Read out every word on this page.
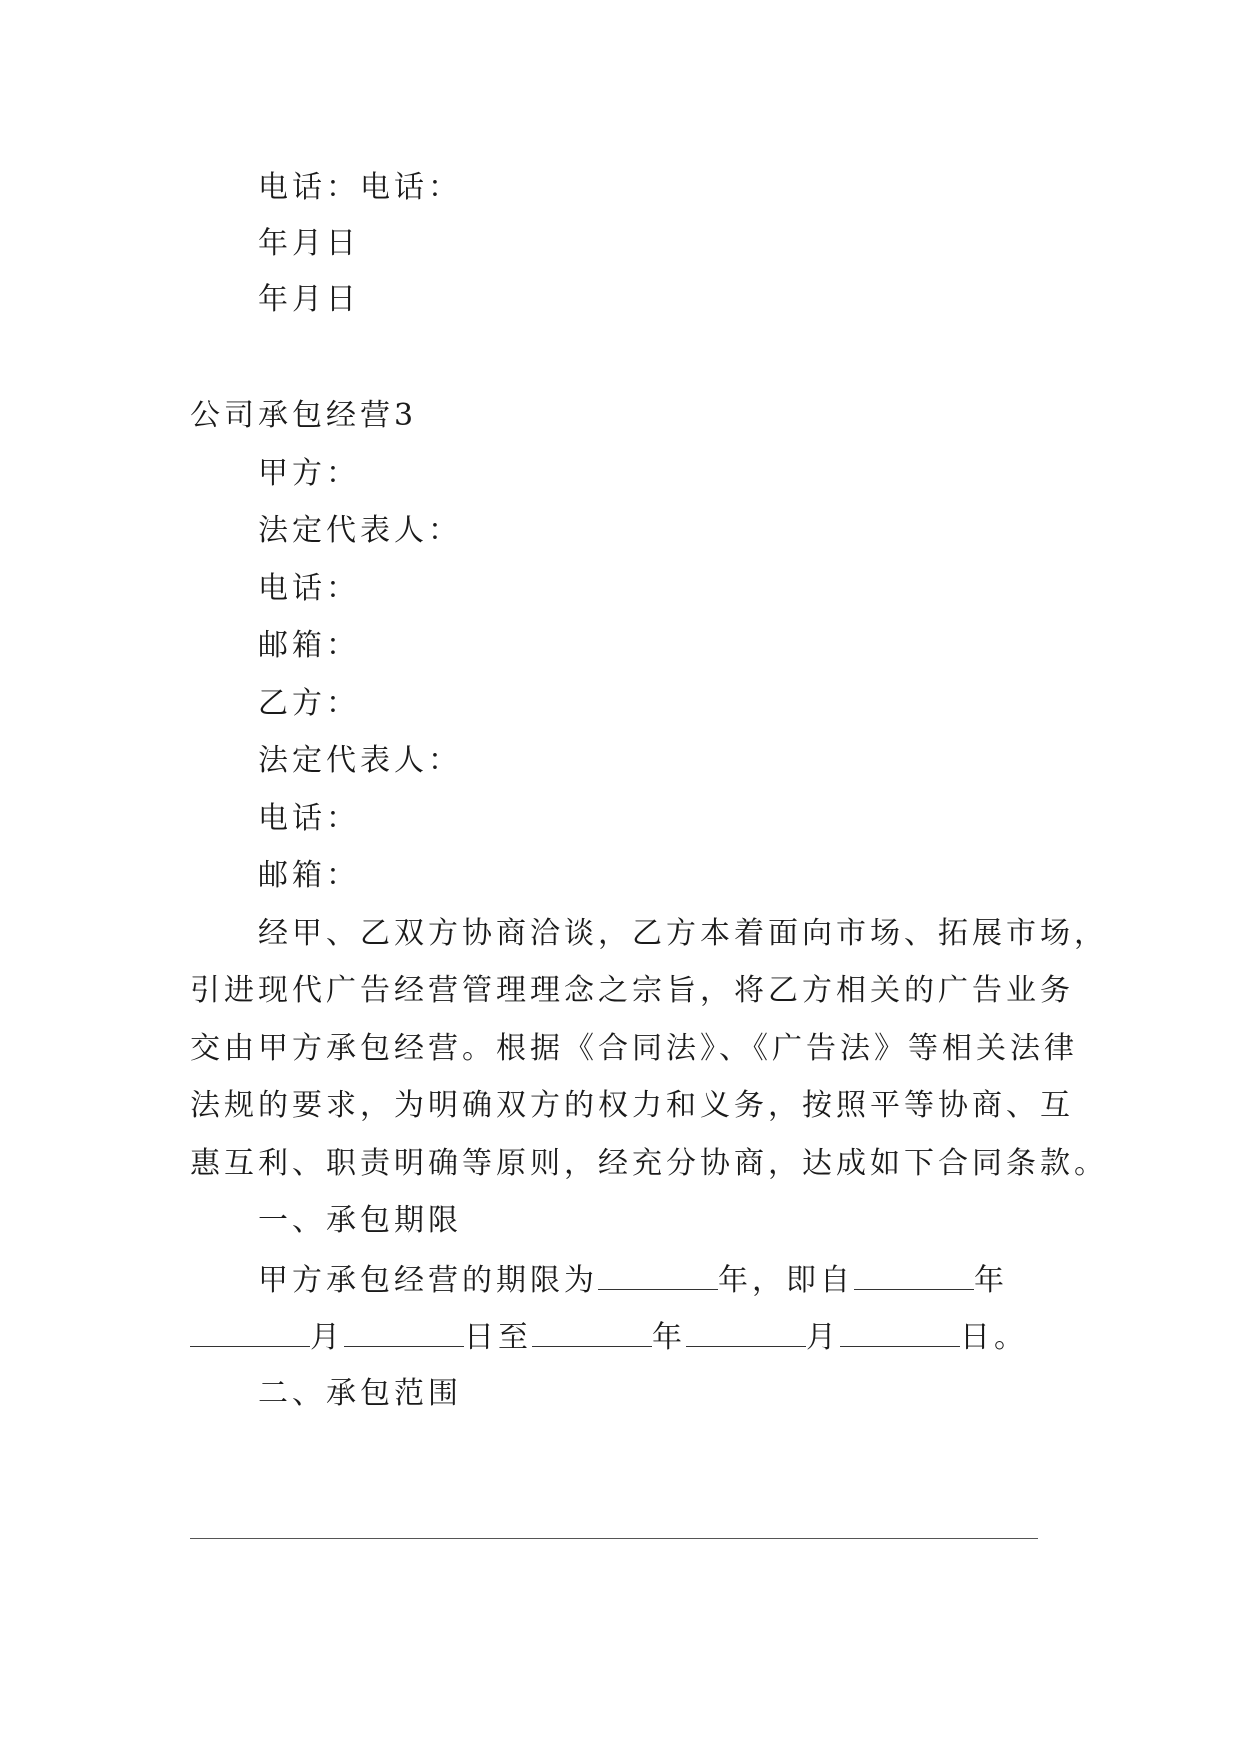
电话：电话：
年月日
年月日
公司承包经营3
甲方：
法定代表人：
电话：
邮箱：
乙方：
法定代表人：
电话：
邮箱：
经甲、乙双方协商洽谈，乙方本着面向市场、拓展市场，
引进现代广告经营管理理念之宗旨，将乙方相关的广告业务
交由甲方承包经营。根据《合同法》、《广告法》等相关法律
法规的要求，为明确双方的权力和义务，按照平等协商、互
惠互利、职责明确等原则，经充分协商，达成如下合同条款。
一、承包期限
甲方承包经营的期限为	年，即自	年
月	日至	年	月	日。
二、承包范围
